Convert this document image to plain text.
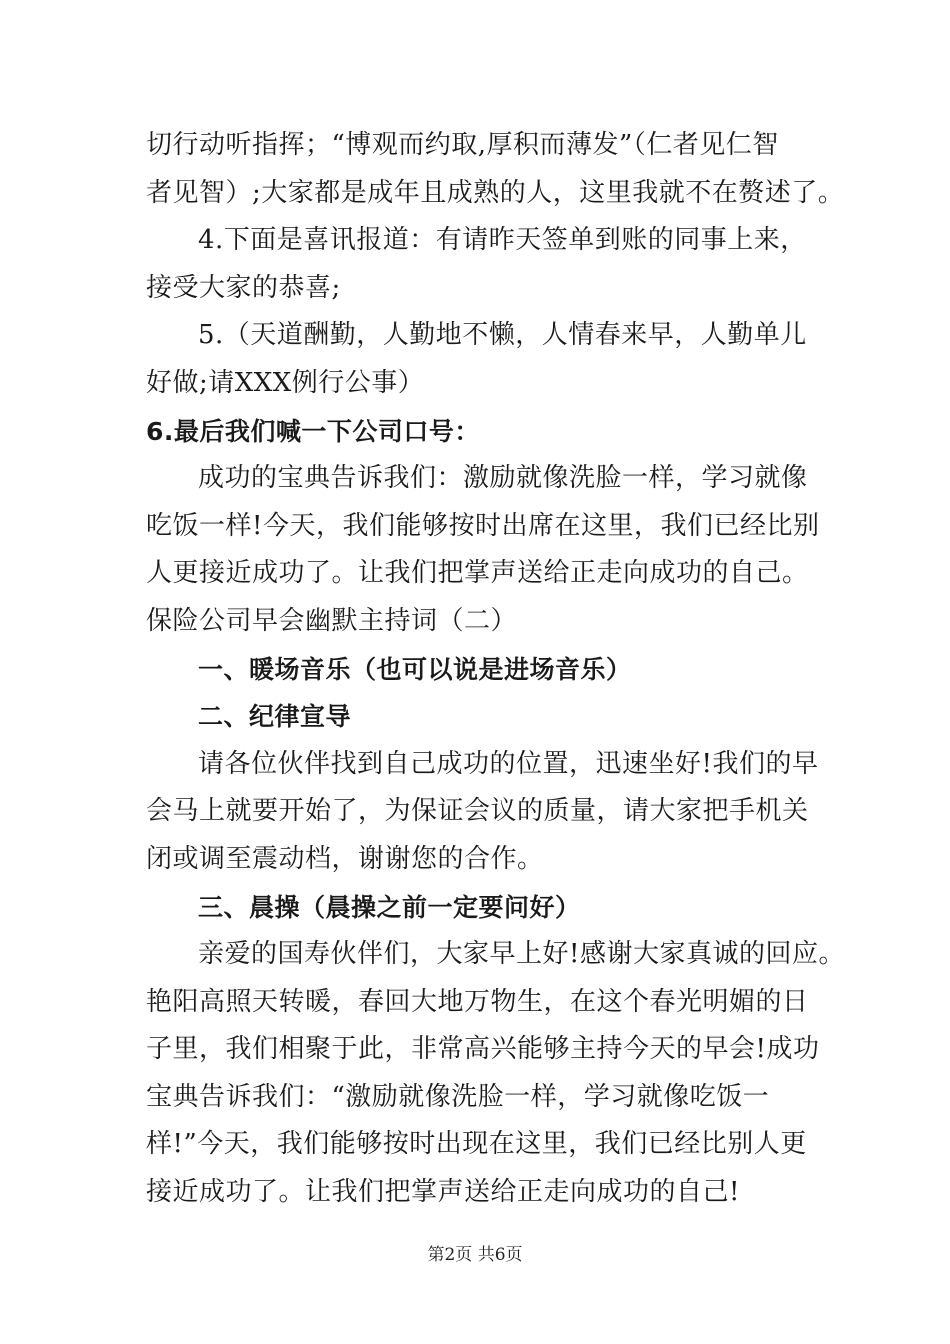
切行动听指挥；“博观而约取,厚积而薄发”（仁者见仁智
者见智）;大家都是成年且成熟的人，这里我就不在赘述了。
4.下面是喜讯报道：有请昨天签单到账的同事上来，
接受大家的恭喜;
5.（天道酬勤，人勤地不懒，人情春来早，人勤单儿
好做;请XXX例行公事）
6.最后我们喊一下公司口号：
成功的宝典告诉我们：激励就像洗脸一样，学习就像
吃饭一样!今天，我们能够按时出席在这里，我们已经比别
人更接近成功了。让我们把掌声送给正走向成功的自己。
保险公司早会幽默主持词（二）
一、暖场音乐（也可以说是进场音乐）
二、纪律宣导
请各位伙伴找到自己成功的位置，迅速坐好!我们的早
会马上就要开始了，为保证会议的质量，请大家把手机关
闭或调至震动档，谢谢您的合作。
三、晨操（晨操之前一定要问好）
亲爱的国寿伙伴们，大家早上好!感谢大家真诚的回应。
艳阳高照天转暖，春回大地万物生，在这个春光明媚的日
子里，我们相聚于此，非常高兴能够主持今天的早会!成功
宝典告诉我们：“激励就像洗脸一样，学习就像吃饭一
样!”今天，我们能够按时出现在这里，我们已经比别人更
接近成功了。让我们把掌声送给正走向成功的自己!
第2页 共6页
